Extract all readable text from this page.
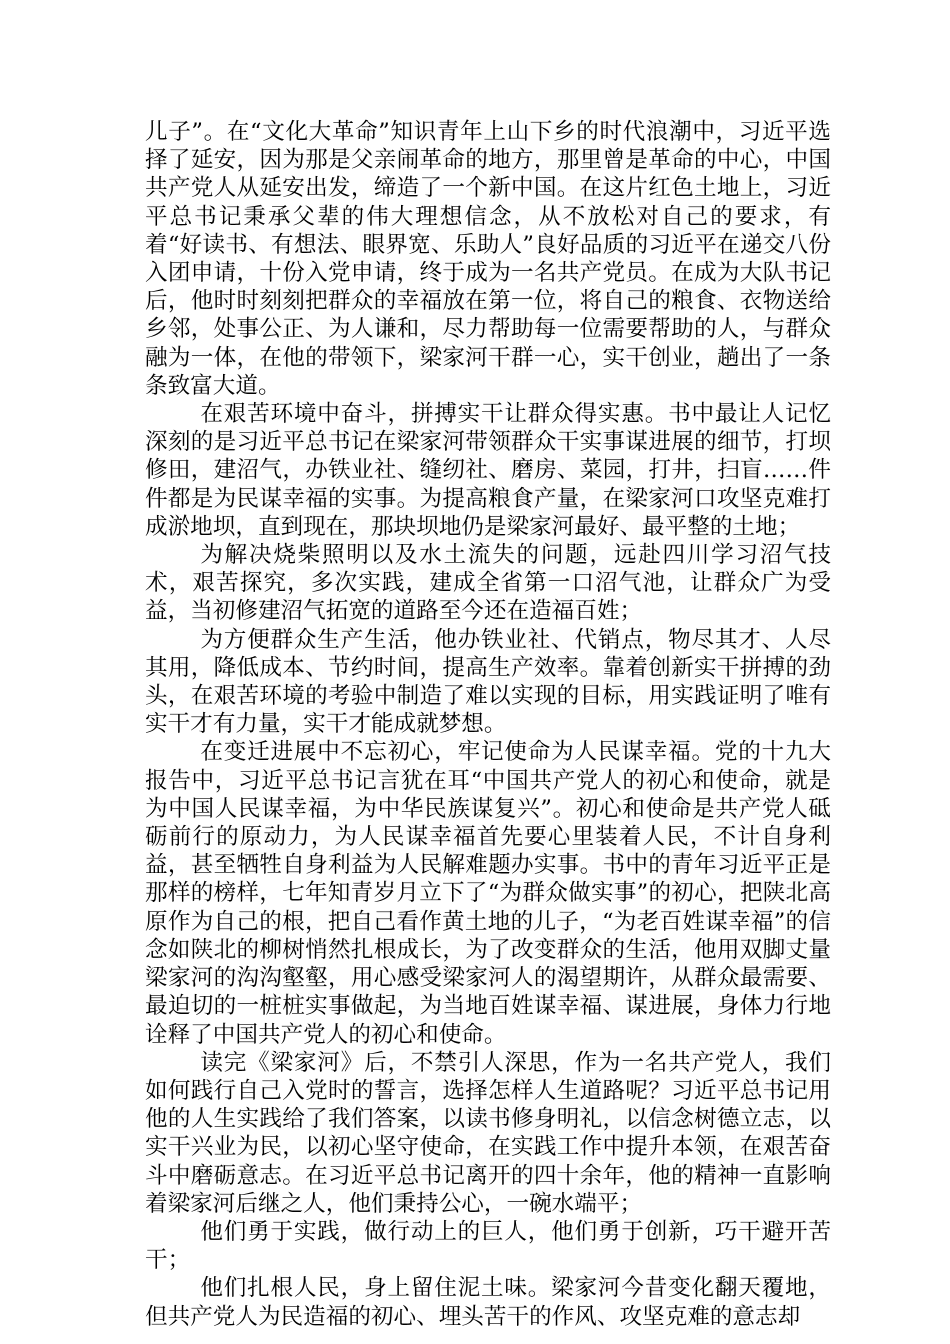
儿子”。在“文化大革命”知识青年上山下乡的时代浪潮中，习近平选择了延安，因为那是父亲闹革命的地方，那里曾是革命的中心，中国共产党人从延安出发，缔造了一个新中国。在这片红色土地上，习近平总书记秉承父辈的伟大理想信念，从不放松对自己的要求，有着“好读书、有想法、眼界宽、乐助人”良好品质的习近平在递交八份入团申请，十份入党申请，终于成为一名共产党员。在成为大队书记后，他时时刻刻把群众的幸福放在第一位，将自己的粮食、衣物送给乡邻，处事公正、为人谦和，尽力帮助每一位需要帮助的人，与群众融为一体，在他的带领下，梁家河干群一心，实干创业，趟出了一条条致富大道。

在艰苦环境中奋斗，拼搏实干让群众得实惠。书中最让人记忆深刻的是习近平总书记在梁家河带领群众干实事谋进展的细节，打坝修田，建沼气，办铁业社、缝纫社、磨房、菜园，打井，扫盲……件件都是为民谋幸福的实事。为提高粮食产量，在梁家河口攻坚克难打成淤地坝，直到现在，那块坝地仍是梁家河最好、最平整的土地；

为解决烧柴照明以及水土流失的问题，远赴四川学习沼气技术，艰苦探究，多次实践，建成全省第一口沼气池，让群众广为受益，当初修建沼气拓宽的道路至今还在造福百姓；

为方便群众生产生活，他办铁业社、代销点，物尽其才、人尽其用，降低成本、节约时间，提高生产效率。靠着创新实干拼搏的劲头，在艰苦环境的考验中制造了难以实现的目标，用实践证明了唯有实干才有力量，实干才能成就梦想。

在变迁进展中不忘初心，牢记使命为人民谋幸福。党的十九大报告中，习近平总书记言犹在耳“中国共产党人的初心和使命，就是为中国人民谋幸福，为中华民族谋复兴”。初心和使命是共产党人砥砺前行的原动力，为人民谋幸福首先要心里装着人民，不计自身利益，甚至牺牲自身利益为人民解难题办实事。书中的青年习近平正是那样的榜样，七年知青岁月立下了“为群众做实事”的初心，把陕北高原作为自己的根，把自己看作黄土地的儿子，“为老百姓谋幸福”的信念如陕北的柳树悄然扎根成长，为了改变群众的生活，他用双脚丈量梁家河的沟沟壑壑，用心感受梁家河人的渴望期许，从群众最需要、最迫切的一桩桩实事做起，为当地百姓谋幸福、谋进展，身体力行地诠释了中国共产党人的初心和使命。

读完《梁家河》后，不禁引人深思，作为一名共产党人，我们如何践行自己入党时的誓言，选择怎样人生道路呢？习近平总书记用他的人生实践给了我们答案，以读书修身明礼，以信念树德立志，以实干兴业为民，以初心坚守使命，在实践工作中提升本领，在艰苦奋斗中磨砺意志。在习近平总书记离开的四十余年，他的精神一直影响着梁家河后继之人，他们秉持公心，一碗水端平；

他们勇于实践，做行动上的巨人，他们勇于创新，巧干避开苦干；

他们扎根人民，身上留住泥土味。梁家河今昔变化翻天覆地，但共产党人为民造福的初心、埋头苦干的作风、攻坚克难的意志却
